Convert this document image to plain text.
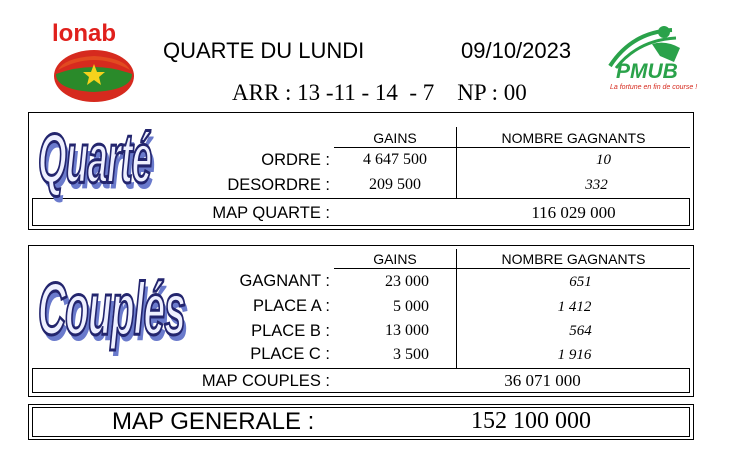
lonab
QUARTE DU LUNDI	09/10/2023
ARR : 13 -11 - 14  - 7    NP : 00
PMUB
La fortune en fin de course !
Quarté	GAINS	NOMBRE GAGNANTS
ORDRE :	4 647 500	10
DESORDRE :	209 500	332
MAP QUARTE :	116 029 000
Couplés
GAINS	NOMBRE GAGNANTS
GAGNANT :	23 000	651
PLACE A :	5 000	1 412
PLACE B :	13 000	564
PLACE C :	3 500	1 916
MAP COUPLES :	36 071 000
MAP GENERALE :	152 100 000
